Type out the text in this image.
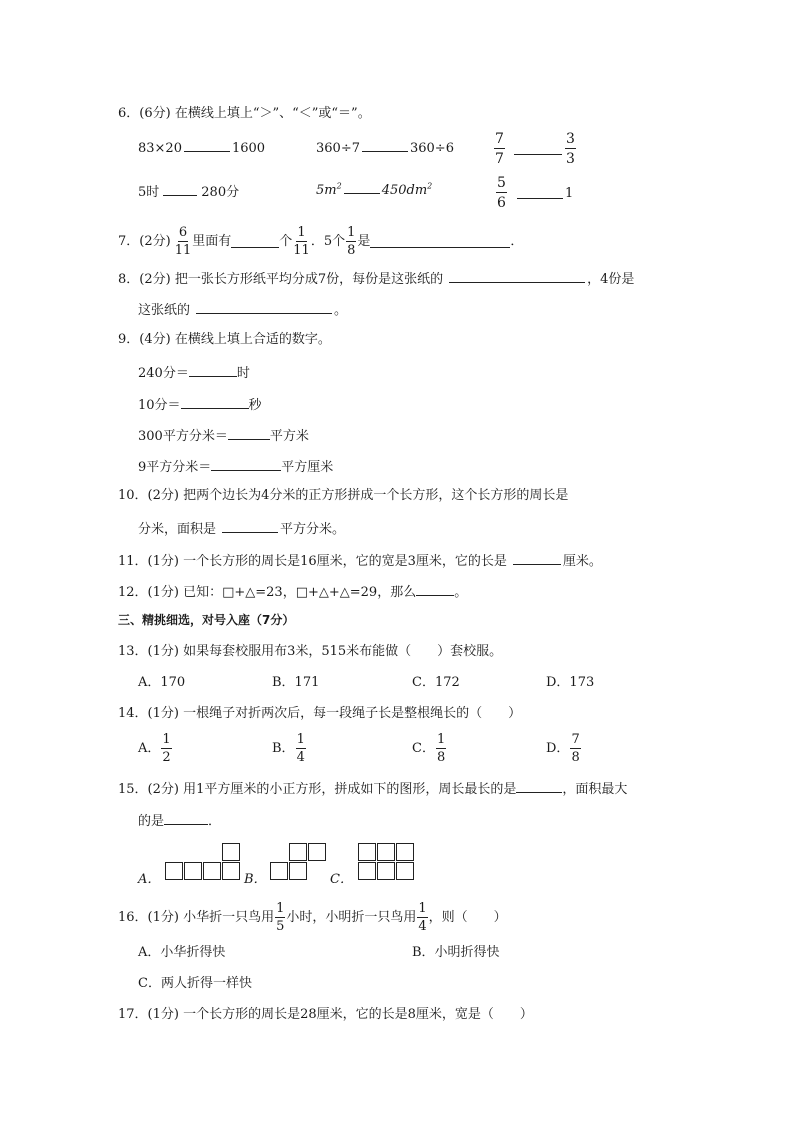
6．(6分) 在横线上填上“＞”、“＜”或“＝”。
83×20	1600	360÷7	360÷6	$\frac{7}{7}$	$\frac{3}{3}$
5时	280分	$5m^2$	$450dm^2$	$\frac{5}{6}$	1
7．(2分) $\frac{6}{11}$ 里面有	个 $\frac{1}{11}$ ．5个 $\frac{1}{8}$ 是	．
8．(2分) 把一张长方形纸平均分成7份，每份是这张纸的	，4份是
这张纸的	。
9．(4分) 在横线上填上合适的数字。
240分＝	时
10分＝	秒
300平方分米＝	平方米
9平方分米＝	平方厘米
10．(2分) 把两个边长为4分米的正方形拼成一个长方形，这个长方形的周长是
分米，面积是	平方分米。
11．(1分) 一个长方形的周长是16厘米，它的宽是3厘米，它的长是	厘米。
12．(1分) 已知：□+△=23，□+△+△=29，那么	。
三、精挑细选，对号入座（7分）
13．(1分) 如果每套校服用布3米，515米布能做（　　）套校服。
A．170	B．171	C．172	D．173
14．(1分) 一根绳子对折两次后，每一段绳子长是整根绳长的（　　）
A． $\frac{1}{2}$	B． $\frac{1}{4}$	C． $\frac{1}{8}$	D． $\frac{7}{8}$
15．(2分) 用1平方厘米的小正方形，拼成如下的图形，周长最长的是	，面积最大
的是	．
A．	B．	C．
16．(1分) 小华折一只鸟用 $\frac{1}{5}$ 小时，小明折一只鸟用 $\frac{1}{4}$ ，则（　　）
A．小华折得快	B．小明折得快
C．两人折得一样快
17．(1分) 一个长方形的周长是28厘米，它的长是8厘米，宽是（　　）
